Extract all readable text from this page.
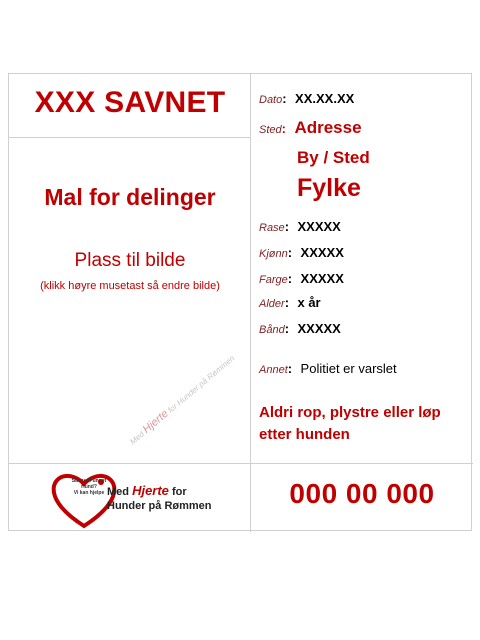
XXX SAVNET
Mal for delinger
Plass til bilde
(klikk høyre musetast så endre bilde)
Med Hjerte for Hunder på Rømmen
Dato: XX.XX.XX
Sted: Adresse
By / Sted
Fylke
Rase: XXXXX
Kjønn: XXXXX
Farge: XXXXX
Alder: x år
Bånd: XXXXX
Annet: Politiet er varslet
Aldri rop, plystre eller løp
etter hunden
Savnet/Funnet
Hund?
Vi kan hjelpe Med Hjerte for
Hunder på Rømmen	000 00 000
